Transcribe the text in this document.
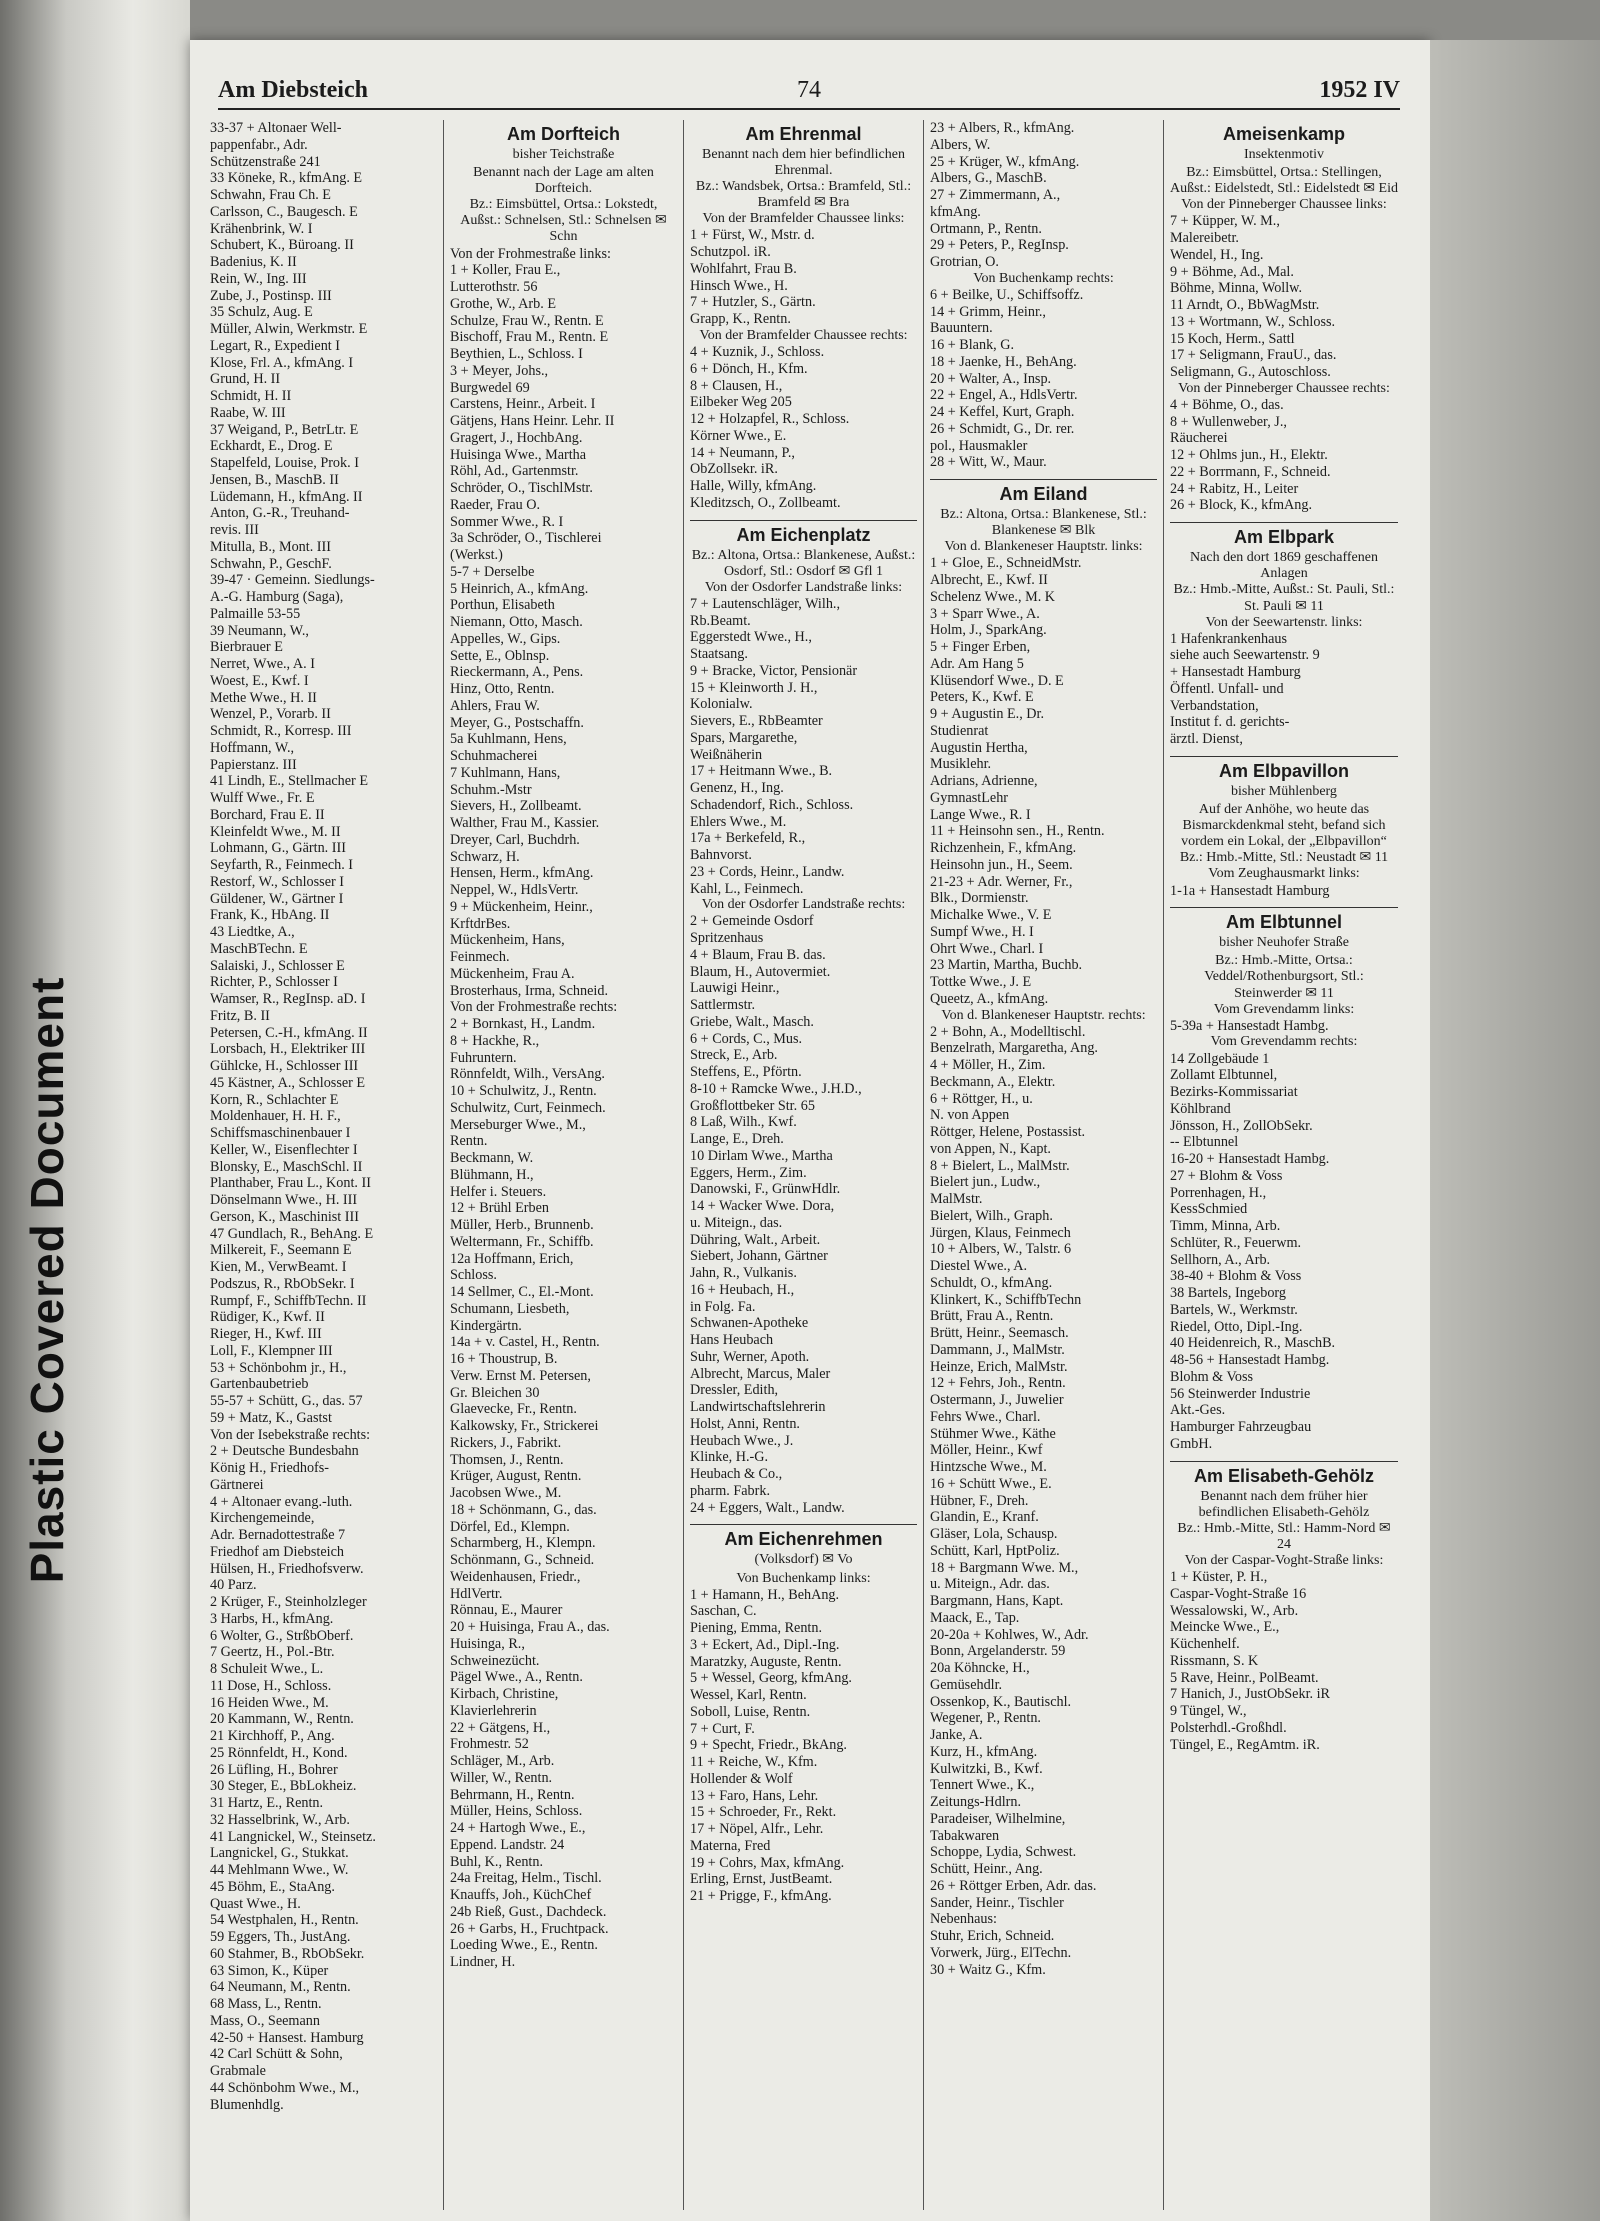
Plastic Covered Document
Am Diebsteich	74	1952 IV
33-37 + Altonaer Well-
pappenfabr., Adr.
Schützenstraße 241
33 Köneke, R., kfmAng. E
Schwahn, Frau Ch. E
Carlsson, C., Baugesch. E
Krähenbrink, W. I
Schubert, K., Büroang. II
Badenius, K. II
Rein, W., Ing. III
Zube, J., Postinsp. III
35 Schulz, Aug. E
Müller, Alwin, Werkmstr. E
Legart, R., Expedient I
Klose, Frl. A., kfmAng. I
Grund, H. II
Schmidt, H. II
Raabe, W. III
37 Weigand, P., BetrLtr. E
Eckhardt, E., Drog. E
Stapelfeld, Louise, Prok. I
Jensen, B., MaschB. II
Lüdemann, H., kfmAng. II
Anton, G.-R., Treuhand-
revis. III
Mitulla, B., Mont. III
Schwahn, P., GeschF.
39-47 · Gemeinn. Siedlungs-
A.-G. Hamburg (Saga),
Palmaille 53-55
39 Neumann, W.,
Bierbrauer E
Nerret, Wwe., A. I
Woest, E., Kwf. I
Methe Wwe., H. II
Wenzel, P., Vorarb. II
Schmidt, R., Korresp. III
Hoffmann, W.,
Papierstanz. III
41 Lindh, E., Stellmacher E
Wulff Wwe., Fr. E
Borchard, Frau E. II
Kleinfeldt Wwe., M. II
Lohmann, G., Gärtn. III
Seyfarth, R., Feinmech. I
Restorf, W., Schlosser I
Güldener, W., Gärtner I
Frank, K., HbAng. II
43 Liedtke, A.,
MaschBTechn. E
Salaiski, J., Schlosser E
Richter, P., Schlosser I
Wamser, R., RegInsp. aD. I
Fritz, B. II
Petersen, C.-H., kfmAng. II
Lorsbach, H., Elektriker III
Gühlcke, H., Schlosser III
45 Kästner, A., Schlosser E
Korn, R., Schlachter E
Moldenhauer, H. H. F.,
Schiffsmaschinenbauer I
Keller, W., Eisenflechter I
Blonsky, E., MaschSchl. II
Planthaber, Frau L., Kont. II
Dönselmann Wwe., H. III
Gerson, K., Maschinist III
47 Gundlach, R., BehAng. E
Milkereit, F., Seemann E
Kien, M., VerwBeamt. I
Podszus, R., RbObSekr. I
Rumpf, F., SchiffbTechn. II
Rüdiger, K., Kwf. II
Rieger, H., Kwf. III
Loll, F., Klempner III
53 + Schönbohm jr., H.,
Gartenbaubetrieb
55-57 + Schütt, G., das. 57
59 + Matz, K., Gastst
Von der Isebekstraße rechts:
2 + Deutsche Bundesbahn
König H., Friedhofs-
Gärtnerei
4 + Altonaer evang.-luth.
Kirchengemeinde,
Adr. Bernadottestraße 7
Friedhof am Diebsteich
Hülsen, H., Friedhofsverw.
40 Parz.
2 Krüger, F., Steinholzleger
3 Harbs, H., kfmAng.
6 Wolter, G., StrßbOberf.
7 Geertz, H., Pol.-Btr.
8 Schuleit Wwe., L.
11 Dose, H., Schloss.
16 Heiden Wwe., M.
20 Kammann, W., Rentn.
21 Kirchhoff, P., Ang.
25 Rönnfeldt, H., Kond.
26 Lüfling, H., Bohrer
30 Steger, E., BbLokheiz.
31 Hartz, E., Rentn.
32 Hasselbrink, W., Arb.
41 Langnickel, W., Steinsetz.
Langnickel, G., Stukkat.
44 Mehlmann Wwe., W.
45 Böhm, E., StaAng.
Quast Wwe., H.
54 Westphalen, H., Rentn.
59 Eggers, Th., JustAng.
60 Stahmer, B., RbObSekr.
63 Simon, K., Küper
64 Neumann, M., Rentn.
68 Mass, L., Rentn.
Mass, O., Seemann
42-50 + Hansest. Hamburg
42 Carl Schütt & Sohn,
Grabmale
44 Schönbohm Wwe., M.,
Blumenhdlg.
Am Dorfteich
bisher Teichstraße
Benannt nach der Lage am alten Dorfteich.
Bz.: Eimsbüttel, Ortsa.: Lokstedt, Außst.: Schnelsen, Stl.: Schnelsen ✉ Schn
Von der Frohmestraße links:
1 + Koller, Frau E.,
Lutterothstr. 56
Grothe, W., Arb. E
Schulze, Frau W., Rentn. E
Bischoff, Frau M., Rentn. E
Beythien, L., Schloss. I
3 + Meyer, Johs.,
Burgwedel 69
Carstens, Heinr., Arbeit. I
Gätjens, Hans Heinr. Lehr. II
Gragert, J., HochbAng.
Huisinga Wwe., Martha
Röhl, Ad., Gartenmstr.
Schröder, O., TischlMstr.
Raeder, Frau O.
Sommer Wwe., R. I
3a Schröder, O., Tischlerei
(Werkst.)
5-7 + Derselbe
5 Heinrich, A., kfmAng.
Porthun, Elisabeth
Niemann, Otto, Masch.
Appelles, W., Gips.
Sette, E., Oblnsp.
Rieckermann, A., Pens.
Hinz, Otto, Rentn.
Ahlers, Frau W.
Meyer, G., Postschaffn.
5a Kuhlmann, Hens,
Schuhmacherei
7 Kuhlmann, Hans,
Schuhm.-Mstr
Sievers, H., Zollbeamt.
Walther, Frau M., Kassier.
Dreyer, Carl, Buchdrh.
Schwarz, H.
Hensen, Herm., kfmAng.
Neppel, W., HdlsVertr.
9 + Mückenheim, Heinr.,
KrftdrBes.
Mückenheim, Hans,
Feinmech.
Mückenheim, Frau A.
Brosterhaus, Irma, Schneid.
Von der Frohmestraße rechts:
2 + Bornkast, H., Landm.
8 + Hackhe, R.,
Fuhruntern.
Rönnfeldt, Wilh., VersAng.
10 + Schulwitz, J., Rentn.
Schulwitz, Curt, Feinmech.
Merseburger Wwe., M.,
Rentn.
Beckmann, W.
Blühmann, H.,
Helfer i. Steuers.
12 + Brühl Erben
Müller, Herb., Brunnenb.
Weltermann, Fr., Schiffb.
12a Hoffmann, Erich,
Schloss.
14 Sellmer, C., El.-Mont.
Schumann, Liesbeth,
Kindergärtn.
14a + v. Castel, H., Rentn.
16 + Thoustrup, B.
Verw. Ernst M. Petersen,
Gr. Bleichen 30
Glaevecke, Fr., Rentn.
Kalkowsky, Fr., Strickerei
Rickers, J., Fabrikt.
Thomsen, J., Rentn.
Krüger, August, Rentn.
Jacobsen Wwe., M.
18 + Schönmann, G., das.
Dörfel, Ed., Klempn.
Scharmberg, H., Klempn.
Schönmann, G., Schneid.
Weidenhausen, Friedr.,
HdlVertr.
Rönnau, E., Maurer
20 + Huisinga, Frau A., das.
Huisinga, R.,
Schweinezücht.
Pägel Wwe., A., Rentn.
Kirbach, Christine,
Klavierlehrerin
22 + Gätgens, H.,
Frohmestr. 52
Schläger, M., Arb.
Willer, W., Rentn.
Behrmann, H., Rentn.
Müller, Heins, Schloss.
24 + Hartogh Wwe., E.,
Eppend. Landstr. 24
Buhl, K., Rentn.
24a Freitag, Helm., Tischl.
Knauffs, Joh., KüchChef
24b Rieß, Gust., Dachdeck.
26 + Garbs, H., Fruchtpack.
Loeding Wwe., E., Rentn.
Lindner, H.
Am Ehrenmal
Benannt nach dem hier befindlichen Ehrenmal.
Bz.: Wandsbek, Ortsa.: Bramfeld, Stl.: Bramfeld ✉ Bra
Von der Bramfelder Chaussee links:
1 + Fürst, W., Mstr. d.
Schutzpol. iR.
Wohlfahrt, Frau B.
Hinsch Wwe., H.
7 + Hutzler, S., Gärtn.
Grapp, K., Rentn.
Von der Bramfelder Chaussee rechts:
4 + Kuznik, J., Schloss.
6 + Dönch, H., Kfm.
8 + Clausen, H.,
Eilbeker Weg 205
12 + Holzapfel, R., Schloss.
Körner Wwe., E.
14 + Neumann, P.,
ObZollsekr. iR.
Halle, Willy, kfmAng.
Kleditzsch, O., Zollbeamt.
Am Eichenplatz
Bz.: Altona, Ortsa.: Blankenese, Außst.: Osdorf, Stl.: Osdorf ✉ Gfl 1
Von der Osdorfer Landstraße links:
7 + Lautenschläger, Wilh.,
Rb.Beamt.
Eggerstedt Wwe., H.,
Staatsang.
9 + Bracke, Victor, Pensionär
15 + Kleinworth J. H.,
Kolonialw.
Sievers, E., RbBeamter
Spars, Margarethe,
Weißnäherin
17 + Heitmann Wwe., B.
Genenz, H., Ing.
Schadendorf, Rich., Schloss.
Ehlers Wwe., M.
17a + Berkefeld, R.,
Bahnvorst.
23 + Cords, Heinr., Landw.
Kahl, L., Feinmech.
Von der Osdorfer Landstraße rechts:
2 + Gemeinde Osdorf
Spritzenhaus
4 + Blaum, Frau B. das.
Blaum, H., Autovermiet.
Lauwigi Heinr.,
Sattlermstr.
Griebe, Walt., Masch.
6 + Cords, C., Mus.
Streck, E., Arb.
Steffens, E., Pförtn.
8-10 + Ramcke Wwe., J.H.D.,
Großflottbeker Str. 65
8 Laß, Wilh., Kwf.
Lange, E., Dreh.
10 Dirlam Wwe., Martha
Eggers, Herm., Zim.
Danowski, F., GrünwHdlr.
14 + Wacker Wwe. Dora,
u. Miteign., das.
Dühring, Walt., Arbeit.
Siebert, Johann, Gärtner
Jahn, R., Vulkanis.
16 + Heubach, H.,
in Folg. Fa.
Schwanen-Apotheke
Hans Heubach
Suhr, Werner, Apoth.
Albrecht, Marcus, Maler
Dressler, Edith,
Landwirtschaftslehrerin
Holst, Anni, Rentn.
Heubach Wwe., J.
Klinke, H.-G.
Heubach & Co.,
pharm. Fabrk.
24 + Eggers, Walt., Landw.
Am Eichenrehmen
(Volksdorf) ✉ Vo
Von Buchenkamp links:
1 + Hamann, H., BehAng.
Saschan, C.
Piening, Emma, Rentn.
3 + Eckert, Ad., Dipl.-Ing.
Maratzky, Auguste, Rentn.
5 + Wessel, Georg, kfmAng.
Wessel, Karl, Rentn.
Soboll, Luise, Rentn.
7 + Curt, F.
9 + Specht, Friedr., BkAng.
11 + Reiche, W., Kfm.
Hollender & Wolf
13 + Faro, Hans, Lehr.
15 + Schroeder, Fr., Rekt.
17 + Nöpel, Alfr., Lehr.
Materna, Fred
19 + Cohrs, Max, kfmAng.
Erling, Ernst, JustBeamt.
21 + Prigge, F., kfmAng.
23 + Albers, R., kfmAng.
Albers, W.
25 + Krüger, W., kfmAng.
Albers, G., MaschB.
27 + Zimmermann, A.,
kfmAng.
Ortmann, P., Rentn.
29 + Peters, P., RegInsp.
Grotrian, O.
Von Buchenkamp rechts:
6 + Beilke, U., Schiffsoffz.
14 + Grimm, Heinr.,
Bauuntern.
16 + Blank, G.
18 + Jaenke, H., BehAng.
20 + Walter, A., Insp.
22 + Engel, A., HdlsVertr.
24 + Keffel, Kurt, Graph.
26 + Schmidt, G., Dr. rer.
pol., Hausmakler
28 + Witt, W., Maur.
Am Eiland
Bz.: Altona, Ortsa.: Blankenese, Stl.: Blankenese ✉ Blk
Von d. Blankeneser Hauptstr. links:
1 + Gloe, E., SchneidMstr.
Albrecht, E., Kwf. II
Schelenz Wwe., M. K
3 + Sparr Wwe., A.
Holm, J., SparkAng.
5 + Finger Erben,
Adr. Am Hang 5
Klüsendorf Wwe., D. E
Peters, K., Kwf. E
9 + Augustin E., Dr.
Studienrat
Augustin Hertha,
Musiklehr.
Adrians, Adrienne,
GymnastLehr
Lange Wwe., R. I
11 + Heinsohn sen., H., Rentn.
Richzenhein, F., kfmAng.
Heinsohn jun., H., Seem.
21-23 + Adr. Werner, Fr.,
Blk., Dormienstr.
Michalke Wwe., V. E
Sumpf Wwe., H. I
Ohrt Wwe., Charl. I
23 Martin, Martha, Buchb.
Tottke Wwe., J. E
Queetz, A., kfmAng.
Von d. Blankeneser Hauptstr. rechts:
2 + Bohn, A., Modelltischl.
Benzelrath, Margaretha, Ang.
4 + Möller, H., Zim.
Beckmann, A., Elektr.
6 + Röttger, H., u.
N. von Appen
Röttger, Helene, Postassist.
von Appen, N., Kapt.
8 + Bielert, L., MalMstr.
Bielert jun., Ludw.,
MalMstr.
Bielert, Wilh., Graph.
Jürgen, Klaus, Feinmech
10 + Albers, W., Talstr. 6
Diestel Wwe., A.
Schuldt, O., kfmAng.
Klinkert, K., SchiffbTechn
Brütt, Frau A., Rentn.
Brütt, Heinr., Seemasch.
Dammann, J., MalMstr.
Heinze, Erich, MalMstr.
12 + Fehrs, Joh., Rentn.
Ostermann, J., Juwelier
Fehrs Wwe., Charl.
Stühmer Wwe., Käthe
Möller, Heinr., Kwf
Hintzsche Wwe., M.
16 + Schütt Wwe., E.
Hübner, F., Dreh.
Glandin, E., Kranf.
Gläser, Lola, Schausp.
Schütt, Karl, HptPoliz.
18 + Bargmann Wwe. M.,
u. Miteign., Adr. das.
Bargmann, Hans, Kapt.
Maack, E., Tap.
20-20a + Kohlwes, W., Adr.
Bonn, Argelanderstr. 59
20a Köhncke, H.,
Gemüsehdlr.
Ossenkop, K., Bautischl.
Wegener, P., Rentn.
Janke, A.
Kurz, H., kfmAng.
Kulwitzki, B., Kwf.
Tennert Wwe., K.,
Zeitungs-Hdlrn.
Paradeiser, Wilhelmine,
Tabakwaren
Schoppe, Lydia, Schwest.
Schütt, Heinr., Ang.
26 + Röttger Erben, Adr. das.
Sander, Heinr., Tischler
Nebenhaus:
Stuhr, Erich, Schneid.
Vorwerk, Jürg., ElTechn.
30 + Waitz G., Kfm.
Ameisenkamp
Insektenmotiv
Bz.: Eimsbüttel, Ortsa.: Stellingen, Außst.: Eidelstedt, Stl.: Eidelstedt ✉ Eid
Von der Pinneberger Chaussee links:
7 + Küpper, W. M.,
Malereibetr.
Wendel, H., Ing.
9 + Böhme, Ad., Mal.
Böhme, Minna, Wollw.
11 Arndt, O., BbWagMstr.
13 + Wortmann, W., Schloss.
15 Koch, Herm., Sattl
17 + Seligmann, FrauU., das.
Seligmann, G., Autoschloss.
Von der Pinneberger Chaussee rechts:
4 + Böhme, O., das.
8 + Wullenweber, J.,
Räucherei
12 + Ohlms jun., H., Elektr.
22 + Borrmann, F., Schneid.
24 + Rabitz, H., Leiter
26 + Block, K., kfmAng.
Am Elbpark
Nach den dort 1869 geschaffenen Anlagen
Bz.: Hmb.-Mitte, Außst.: St. Pauli, Stl.: St. Pauli ✉ 11
Von der Seewartenstr. links:
1 Hafenkrankenhaus
siehe auch Seewartenstr. 9
+ Hansestadt Hamburg
Öffentl. Unfall- und
Verbandstation,
Institut f. d. gerichts-
ärztl. Dienst,
Am Elbpavillon
bisher Mühlenberg
Auf der Anhöhe, wo heute das Bismarckdenkmal steht, befand sich vordem ein Lokal, der „Elbpavillon“
Bz.: Hmb.-Mitte, Stl.: Neustadt ✉ 11
Vom Zeughausmarkt links:
1-1a + Hansestadt Hamburg
Am Elbtunnel
bisher Neuhofer Straße
Bz.: Hmb.-Mitte, Ortsa.: Veddel/Rothenburgsort, Stl.: Steinwerder ✉ 11
Vom Grevendamm links:
5-39a + Hansestadt Hambg.
Vom Grevendamm rechts:
14 Zollgebäude 1
Zollamt Elbtunnel,
Bezirks-Kommissariat
Köhlbrand
Jönsson, H., ZollObSekr.
-- Elbtunnel
16-20 + Hansestadt Hambg.
27 + Blohm & Voss
Porrenhagen, H.,
KessSchmied
Timm, Minna, Arb.
Schlüter, R., Feuerwm.
Sellhorn, A., Arb.
38-40 + Blohm & Voss
38 Bartels, Ingeborg
Bartels, W., Werkmstr.
Riedel, Otto, Dipl.-Ing.
40 Heidenreich, R., MaschB.
48-56 + Hansestadt Hambg.
Blohm & Voss
56 Steinwerder Industrie
Akt.-Ges.
Hamburger Fahrzeugbau
GmbH.
Am Elisabeth-Gehölz
Benannt nach dem früher hier befindlichen Elisabeth-Gehölz
Bz.: Hmb.-Mitte, Stl.: Hamm-Nord ✉ 24
Von der Caspar-Voght-Straße links:
1 + Küster, P. H.,
Caspar-Voght-Straße 16
Wessalowski, W., Arb.
Meincke Wwe., E.,
Küchenhelf.
Rissmann, S. K
5 Rave, Heinr., PolBeamt.
7 Hanich, J., JustObSekr. iR
9 Tüngel, W.,
Polsterhdl.-Großhdl.
Tüngel, E., RegAmtm. iR.
